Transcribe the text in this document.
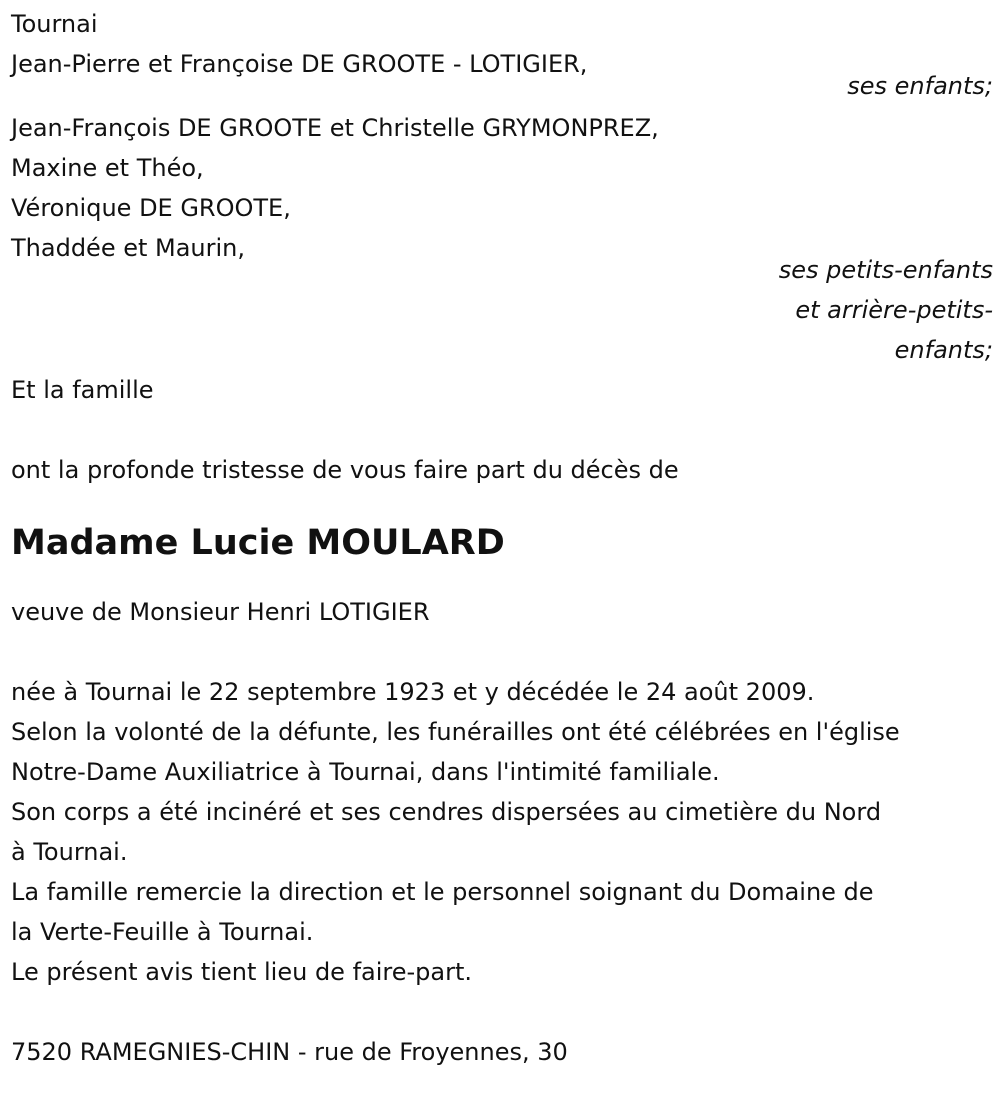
Tournai
Jean-Pierre et Françoise DE GROOTE - LOTIGIER,
ses enfants;
Jean-François DE GROOTE et Christelle GRYMONPREZ,
Maxine et Théo,
Véronique DE GROOTE,
Thaddée et Maurin,
ses petits-enfants
et arrière-petits-
enfants;
Et la famille
ont la profonde tristesse de vous faire part du décès de
Madame Lucie MOULARD
veuve de Monsieur Henri LOTIGIER
née à Tournai le 22 septembre 1923 et y décédée le 24 août 2009.
Selon la volonté de la défunte, les funérailles ont été célébrées en l'église
Notre-Dame Auxiliatrice à Tournai, dans l'intimité familiale.
Son corps a été incinéré et ses cendres dispersées au cimetière du Nord
à Tournai.
La famille remercie la direction et le personnel soignant du Domaine de
la Verte-Feuille à Tournai.
Le présent avis tient lieu de faire-part.
7520 RAMEGNIES-CHIN - rue de Froyennes, 30
